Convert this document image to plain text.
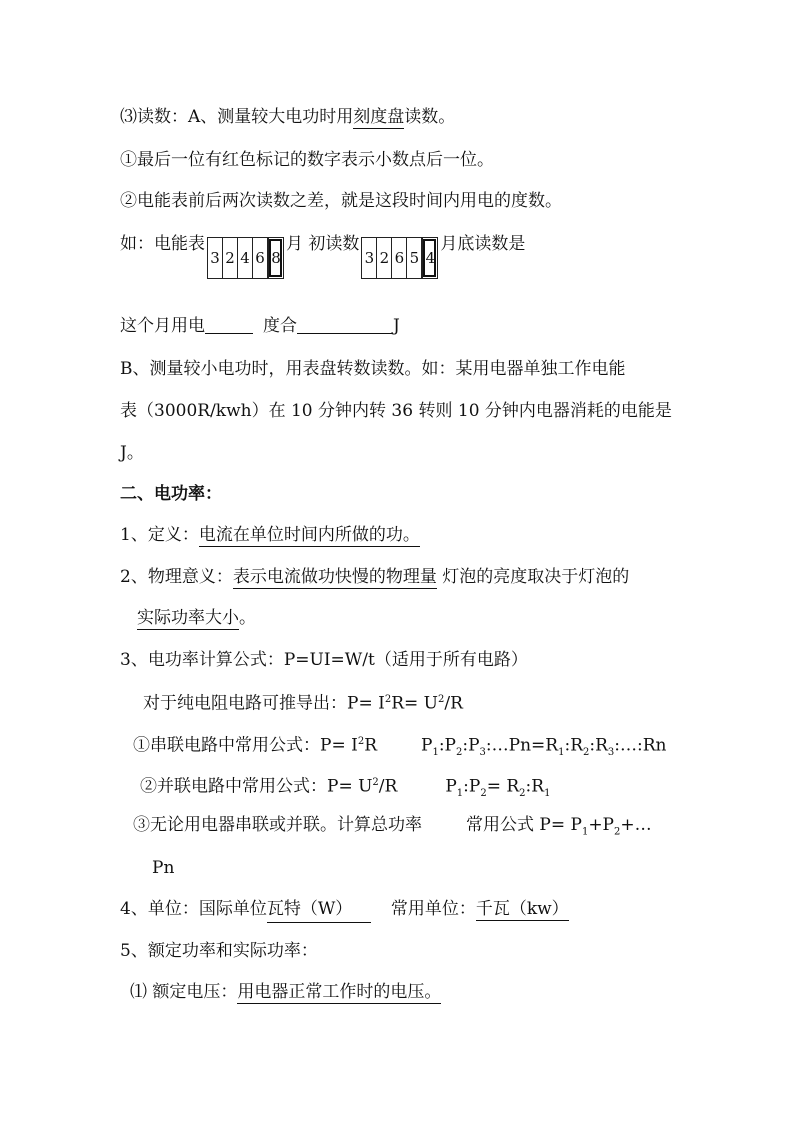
⑶读数：A、测量较大电功时用刻度盘读数。
①最后一位有红色标记的数字表示小数点后一位。
②电能表前后两次读数之差，就是这段时间内用电的度数。
如：电能表
3 2 4 6 8
月 初读数
3 2 6 5 4
月底读数是
这个月用电	度合	J
B、测量较小电功时，用表盘转数读数。如：某用电器单独工作电能
表（3000R/kwh）在 10 分钟内转 36 转则 10 分钟内电器消耗的电能是
J。
二、电功率：
1、定义：电流在单位时间内所做的功。
2、物理意义：表示电流做功快慢的物理量 灯泡的亮度取决于灯泡的
实际功率大小。
3、电功率计算公式：P=UI=W/t（适用于所有电路）
对于纯电阻电路可推导出：$P= I^2R= U^2/R$
①串联电路中常用公式：$P= I^2R$	$P_1:P_2:P_3:\dots Pn=R_1:R_2:R_3:\dots:Rn$
②并联电路中常用公式：$P= U^2/R$	$P_1:P_2=$ $R_2:R_1$
③无论用电器串联或并联。计算总功率	常用公式 $P= P_1+P_2+\dots$
Pn
4、单位：国际单位瓦特（W）常用单位：千瓦（kw）
5、额定功率和实际功率：
⑴ 额定电压：用电器正常工作时的电压。
